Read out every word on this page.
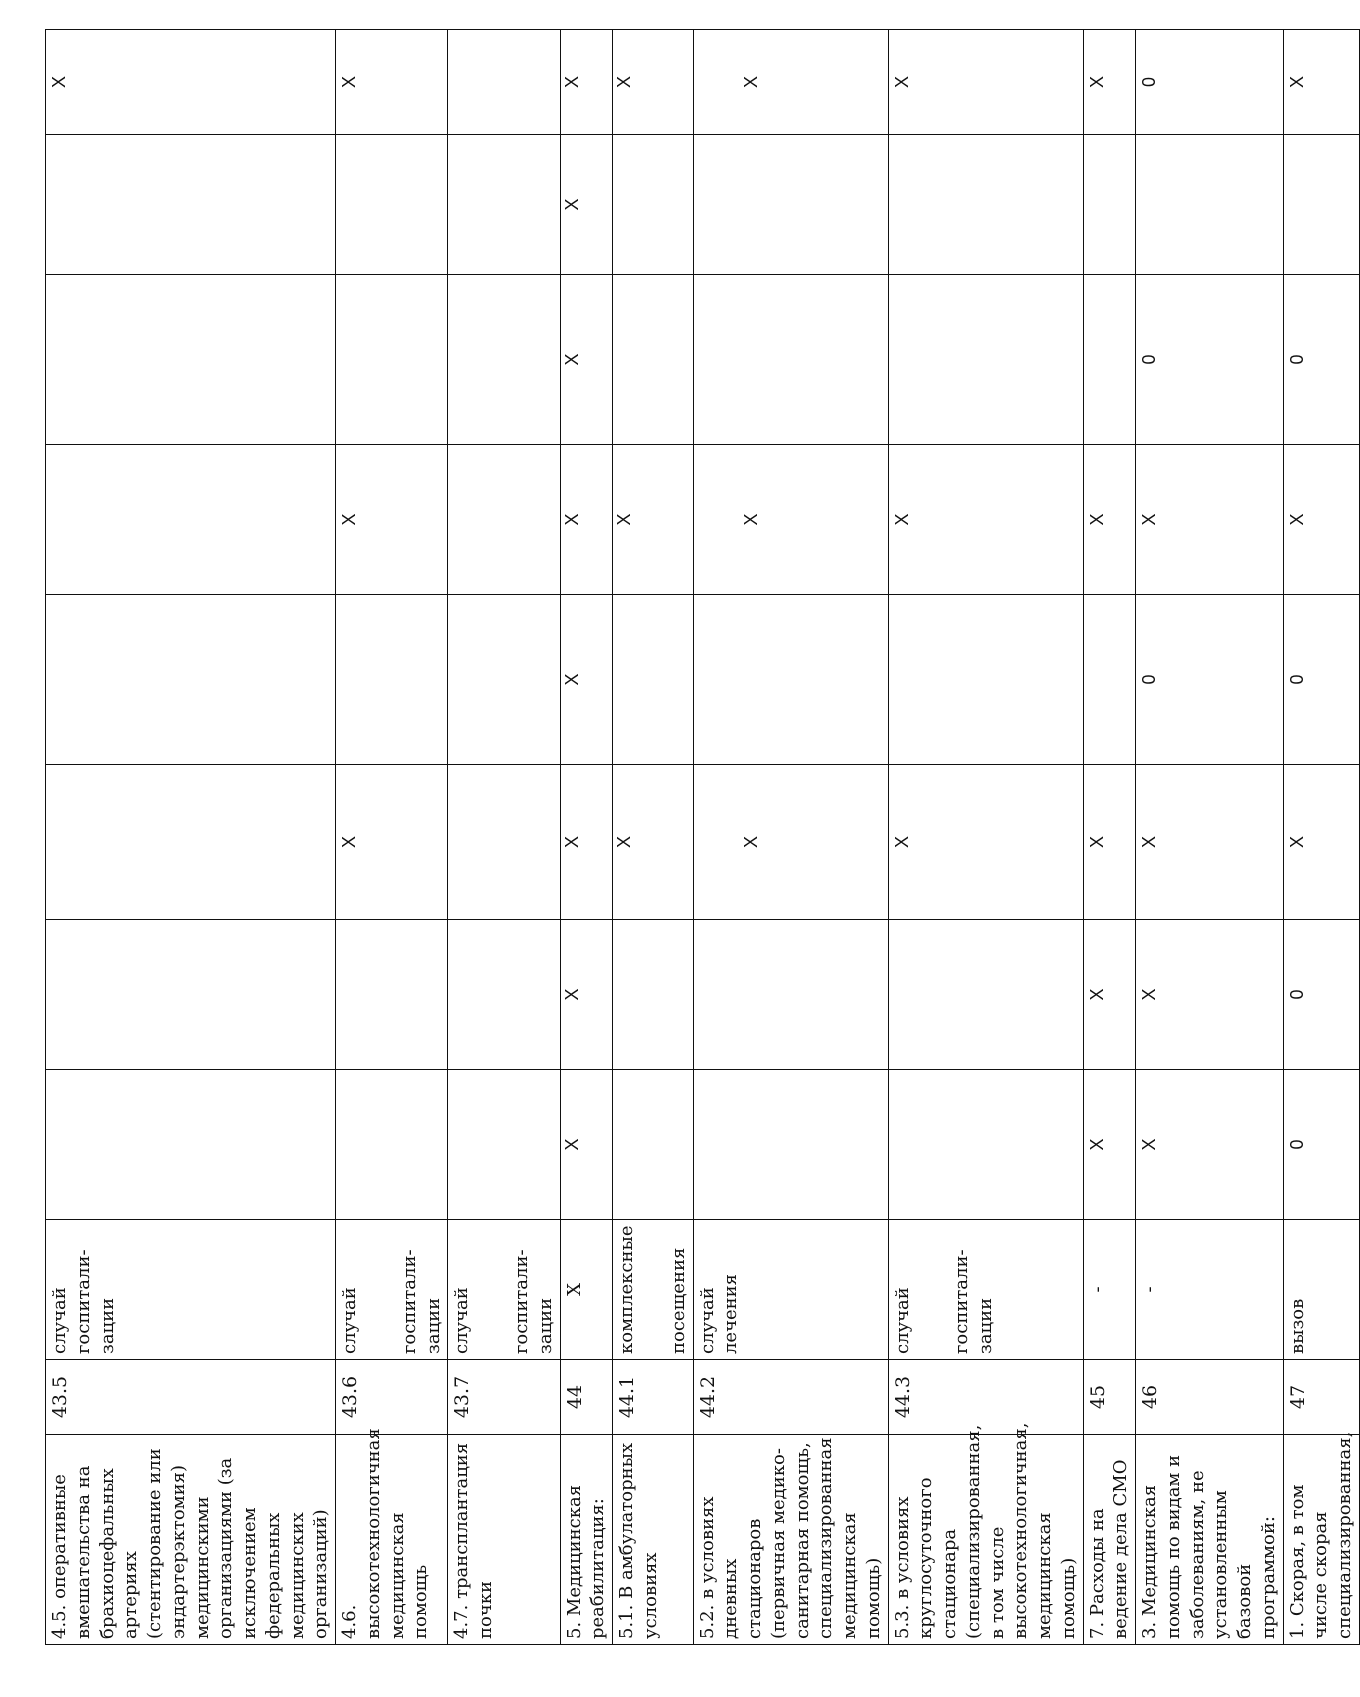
4.5. оперативные вмешательства на брахиоцефальных артериях (стентирование или эндартерэктомия) медицинскими организациями (за исключением федеральных медицинских организаций)	43.5	случай госпитали-зации								X
4.6. высокотехнологичная медицинская помощь	43.6	случай госпитали-зации			X		X			X
4.7. трансплантация почки	43.7	случай госпитали-зации								
5. Медицинская реабилитация:	44	X	X	X	X	X	X	X	X	X
5.1. В амбулаторных условиях	44.1	комплексные посещения			X		X			X
5.2. в условиях дневных стационаров (первичная медико-санитарная помощь, специализированная медицинская помощь)	44.2	случай лечения			X		X			X
5.3. в условиях круглосуточного стационара (специализированная, в том числе высокотехнологичная, медицинская помощь)	44.3	случай госпитали-зации			X		X			X
7. Расходы на ведение дела СМО	45	-	X	X	X		X			X
3. Медицинская помощь по видам и заболеваниям, не установленным базовой программой:	46	-	X	X	X	0	X	0		0
1. Скорая, в том числе скорая специализированная,	47	вызов	0	0	X	0	X	0		X
